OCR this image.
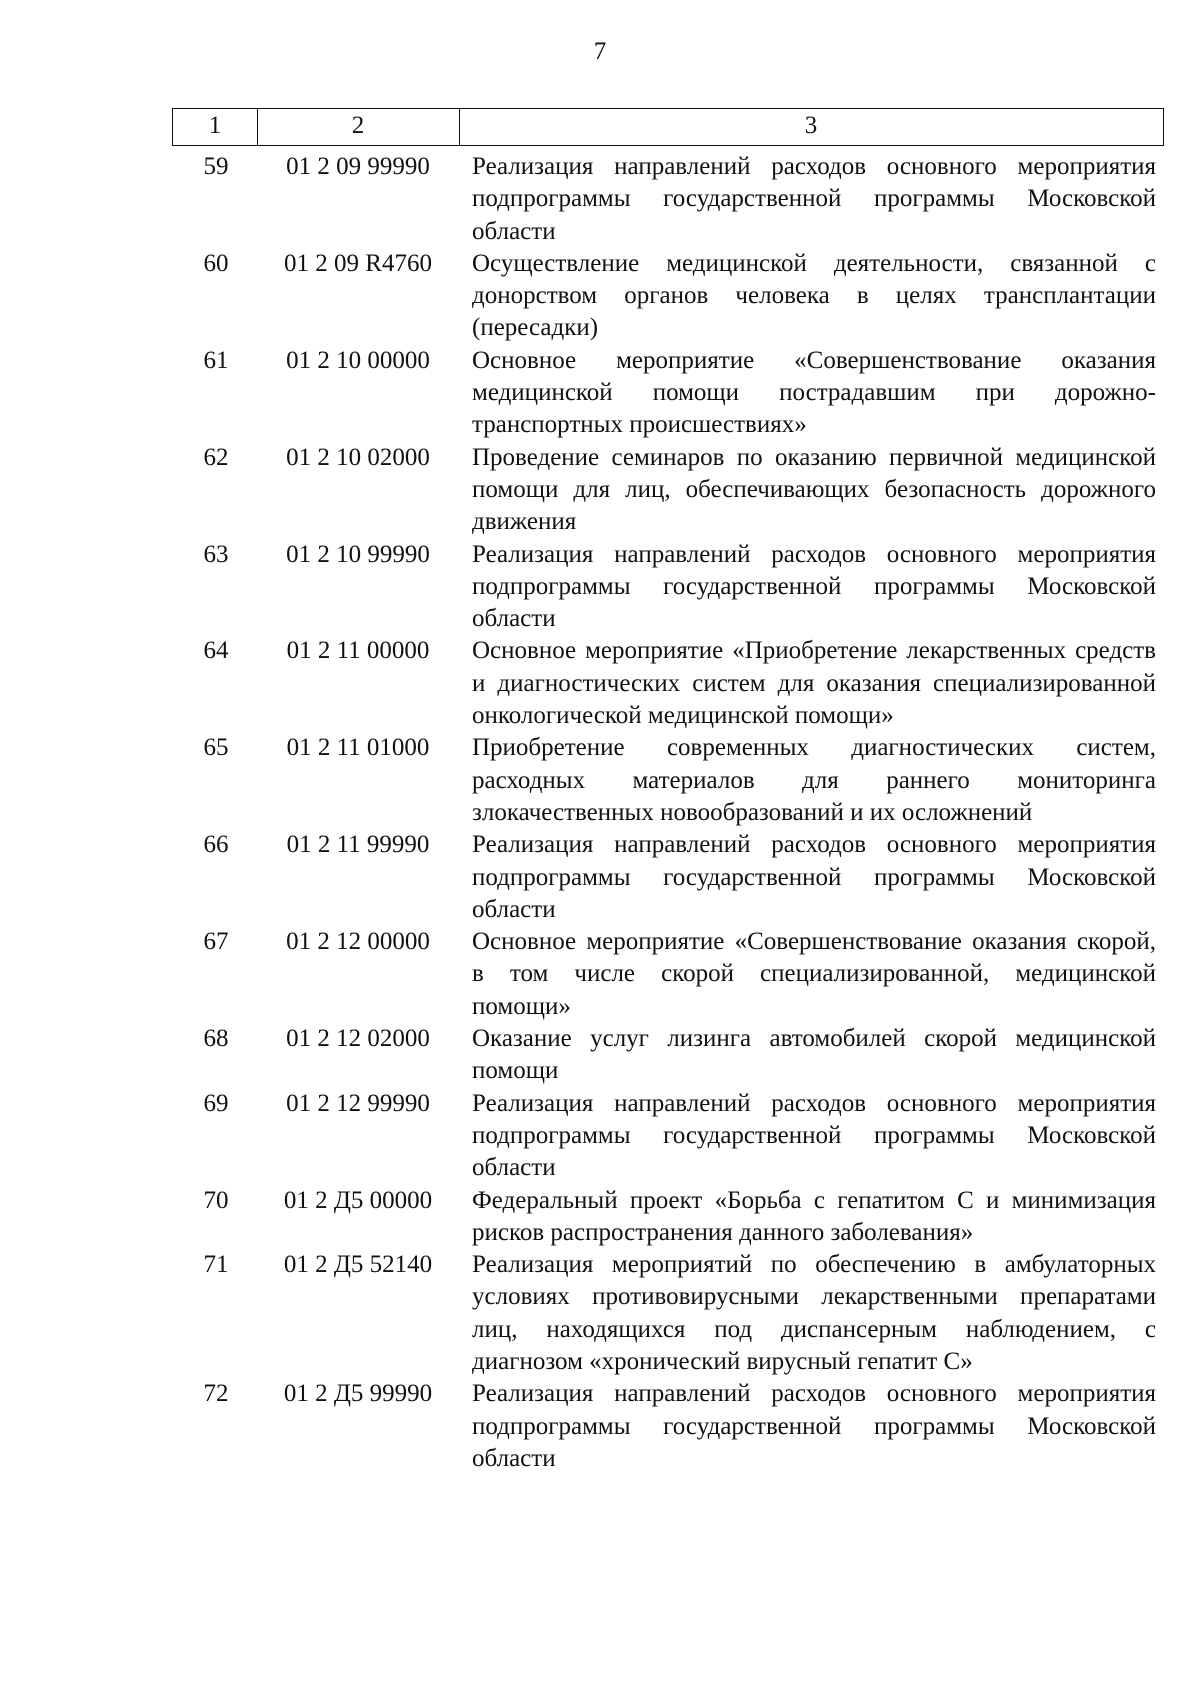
7
1	2	3
59	01 2 09 99990	Реализация направлений расходов основного мероприятия подпрограммы государственной программы Московской области
60	01 2 09 R4760	Осуществление медицинской деятельности, связанной с донорством органов человека в целях трансплантации (пересадки)
61	01 2 10 00000	Основное мероприятие «Совершенствование оказания медицинской помощи пострадавшим при дорожно-транспортных происшествиях»
62	01 2 10 02000	Проведение семинаров по оказанию первичной медицинской помощи для лиц, обеспечивающих безопасность дорожного движения
63	01 2 10 99990	Реализация направлений расходов основного мероприятия подпрограммы государственной программы Московской области
64	01 2 11 00000	Основное мероприятие «Приобретение лекарственных средств и диагностических систем для оказания специализированной онкологической медицинской помощи»
65	01 2 11 01000	Приобретение современных диагностических систем, расходных материалов для раннего мониторинга злокачественных новообразований и их осложнений
66	01 2 11 99990	Реализация направлений расходов основного мероприятия подпрограммы государственной программы Московской области
67	01 2 12 00000	Основное мероприятие «Совершенствование оказания скорой, в том числе скорой специализированной, медицинской помощи»
68	01 2 12 02000	Оказание услуг лизинга автомобилей скорой медицинской помощи
69	01 2 12 99990	Реализация направлений расходов основного мероприятия подпрограммы государственной программы Московской области
70	01 2 Д5 00000	Федеральный проект «Борьба с гепатитом С и минимизация рисков распространения данного заболевания»
71	01 2 Д5 52140	Реализация мероприятий по обеспечению в амбулаторных условиях противовирусными лекарственными препаратами лиц, находящихся под диспансерным наблюдением, с диагнозом «хронический вирусный гепатит С»
72	01 2 Д5 99990	Реализация направлений расходов основного мероприятия подпрограммы государственной программы Московской области
